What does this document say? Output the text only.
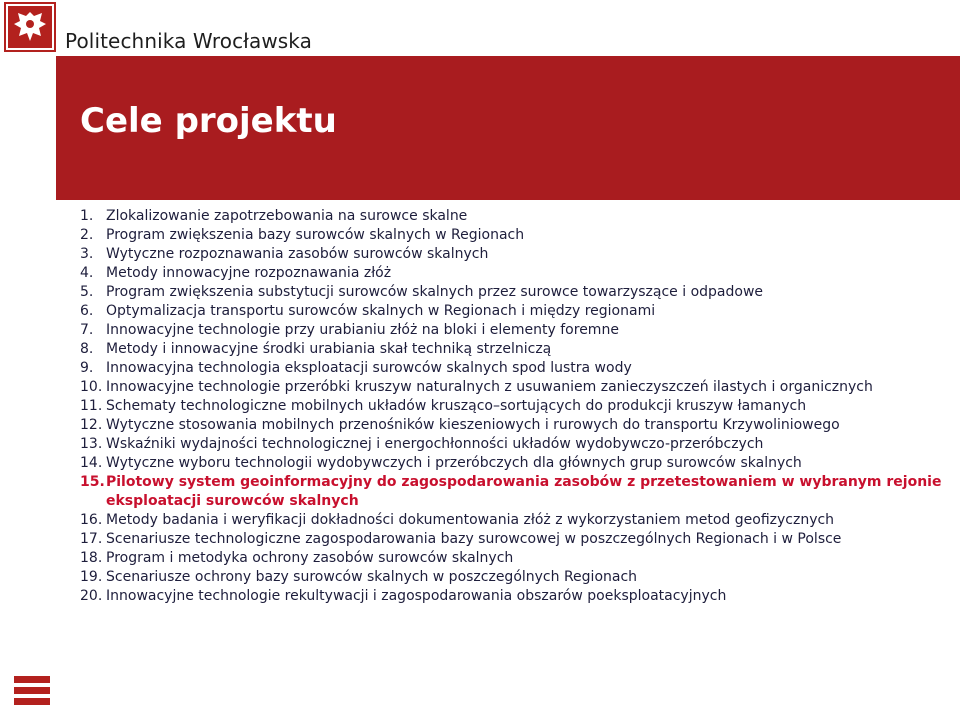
Politechnika Wrocławska
Cele projektu
1. Zlokalizowanie zapotrzebowania na surowce skalne
2. Program zwiększenia bazy surowców skalnych w Regionach
3. Wytyczne rozpoznawania zasobów surowców skalnych
4. Metody innowacyjne rozpoznawania złóż
5. Program zwiększenia substytucji surowców skalnych przez surowce towarzyszące i odpadowe
6. Optymalizacja transportu surowców skalnych w Regionach i między regionami
7. Innowacyjne technologie przy urabianiu złóż na bloki i elementy foremne
8. Metody i innowacyjne środki urabiania skał techniką strzelniczą
9. Innowacyjna technologia eksploatacji surowców skalnych spod lustra wody
10. Innowacyjne technologie przeróbki kruszyw naturalnych z usuwaniem zanieczyszczeń ilastych i organicznych
11. Schematy technologiczne mobilnych układów krusząco–sortujących do produkcji kruszyw łamanych
12. Wytyczne stosowania mobilnych przenośników kieszeniowych i rurowych do transportu Krzywoliniowego
13. Wskaźniki wydajności technologicznej i energochłonności układów wydobywczo-przeróbczych
14. Wytyczne wyboru technologii wydobywczych i przeróbczych dla głównych grup surowców skalnych
15. Pilotowy system geoinformacyjny do zagospodarowania zasobów z przetestowaniem w wybranym rejonie eksploatacji surowców skalnych
16. Metody badania i weryfikacji dokładności dokumentowania złóż z wykorzystaniem metod geofizycznych
17. Scenariusze technologiczne zagospodarowania bazy surowcowej w poszczególnych Regionach i w Polsce
18. Program i metodyka ochrony zasobów surowców skalnych
19. Scenariusze ochrony bazy surowców skalnych w poszczególnych Regionach
20. Innowacyjne technologie rekultywacji i zagospodarowania obszarów poeksploatacyjnych
